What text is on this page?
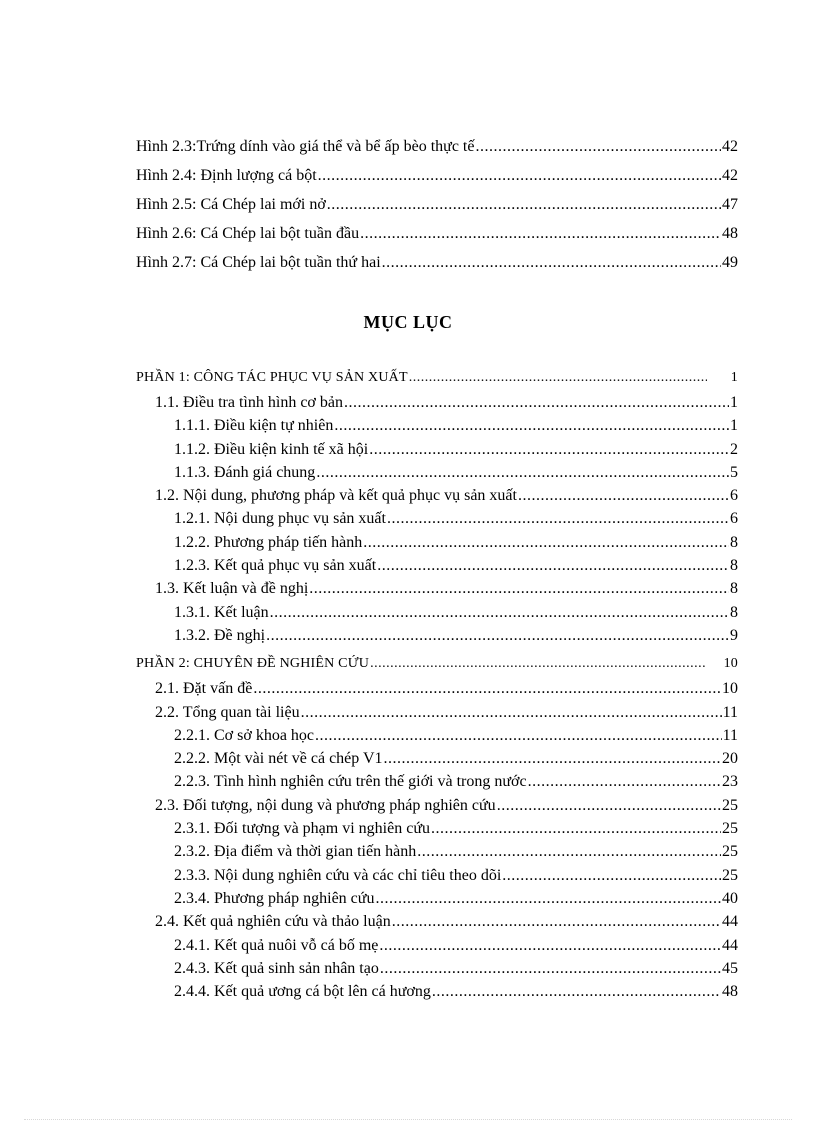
Hình 2.3:Trứng dính vào giá thể và bể ấp bèo thực tế .....	42
Hình 2.4: Định lượng cá bột .....	42
Hình 2.5: Cá Chép lai mới nở .....	47
Hình 2.6: Cá Chép lai bột tuần đầu .....	48
Hình 2.7: Cá Chép lai bột tuần thứ hai .....	49
MỤC LỤC
PHẦN 1: CÔNG TÁC PHỤC VỤ SẢN XUẤT .....	1
1.1. Điều tra tình hình cơ bản .....	1
1.1.1. Điều kiện tự nhiên .....	1
1.1.2. Điều kiện kinh tế xã hội .....	2
1.1.3. Đánh giá chung .....	5
1.2. Nội dung, phương pháp và kết quả phục vụ sản xuất .....	6
1.2.1. Nội dung phục vụ sản xuất .....	6
1.2.2. Phương pháp tiến hành .....	8
1.2.3. Kết quả phục vụ sản xuất .....	8
1.3. Kết luận và đề nghị .....	8
1.3.1. Kết luận .....	8
1.3.2. Đề nghị .....	9
PHẦN 2: CHUYÊN ĐỀ NGHIÊN CỨU .....	10
2.1. Đặt vấn đề .....	10
2.2. Tổng quan tài liệu .....	11
2.2.1. Cơ sở khoa học .....	11
2.2.2. Một vài nét về cá chép V1 .....	20
2.2.3. Tình hình nghiên cứu trên thế giới và trong nước .....	23
2.3. Đối tượng, nội dung và phương pháp nghiên cứu .....	25
2.3.1. Đối tượng và phạm vi nghiên cứu .....	25
2.3.2. Địa điểm và thời gian tiến hành .....	25
2.3.3. Nội dung nghiên cứu và các chỉ tiêu theo dõi .....	25
2.3.4. Phương pháp nghiên cứu .....	40
2.4. Kết quả nghiên cứu và thảo luận .....	44
2.4.1. Kết quả nuôi vỗ cá bố mẹ .....	44
2.4.3. Kết quả sinh sản nhân tạo .....	45
2.4.4. Kết quả ương cá bột lên cá hương .....	48
